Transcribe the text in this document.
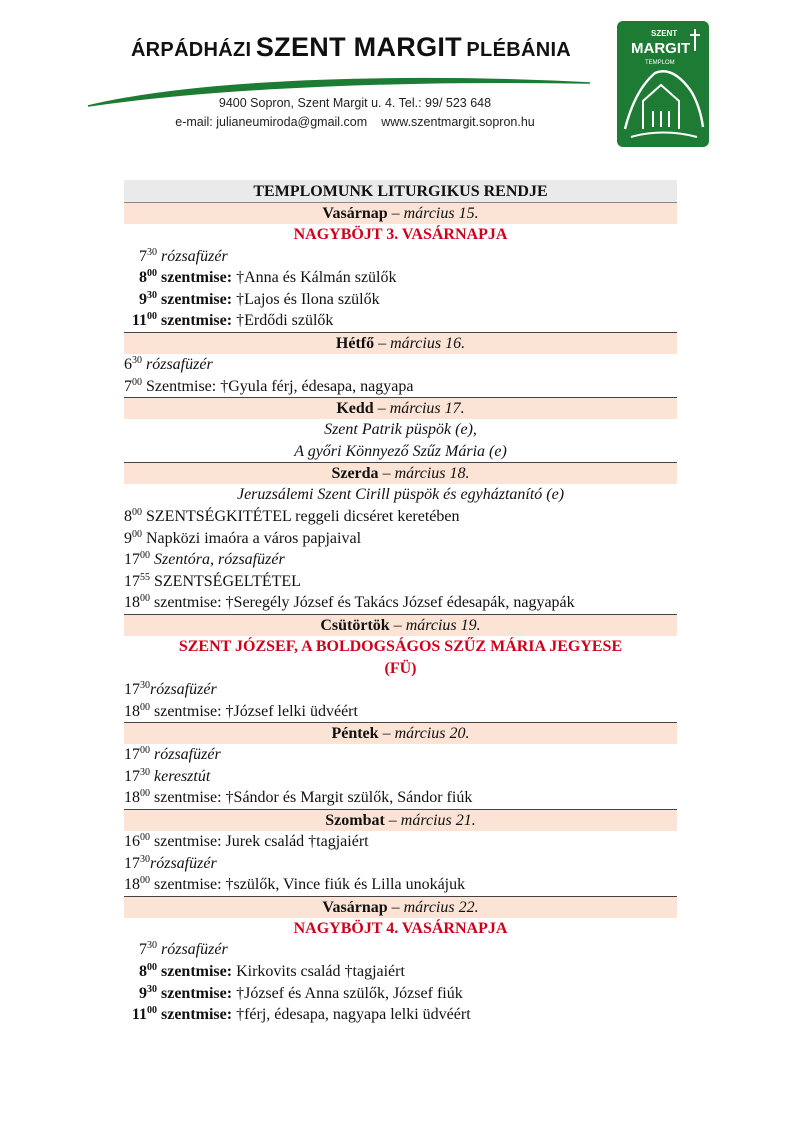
ÁRPÁDHÁZI SZENT MARGIT PLÉBÁNIA
9400 Sopron, Szent Margit u. 4. Tel.: 99/ 523 648
e-mail: julianeumiroda@gmail.com www.szentmargit.sopron.hu
SZENT
MARGIT
TEMPLOM
TEMPLOMUNK LITURGIKUS RENDJE
Vasárnap – március 15.
NAGYBÖJT 3. VASÁRNAPJA
$7^{30}$ rózsafüzér
$8^{00}$ szentmise: †Anna és Kálmán szülők
$9^{30}$ szentmise: †Lajos és Ilona szülők
$11^{00}$ szentmise: †Erdődi szülők
Hétfő – március 16.
$6^{30}$ rózsafüzér
$7^{00}$ Szentmise: †Gyula férj, édesapa, nagyapa
Kedd – március 17.
Szent Patrik püspök (e),
A győri Könnyező Szűz Mária (e)
Szerda – március 18.
Jeruzsálemi Szent Cirill püspök és egyháztanító (e)
$8^{00}$ SZENTSÉGKITÉTEL reggeli dicséret keretében
$9^{00}$ Napközi imaóra a város papjaival
$17^{00}$ Szentóra, rózsafüzér
$17^{55}$ SZENTSÉGELTÉTEL
$18^{00}$ szentmise: †Seregély József és Takács József édesapák, nagyapák
Csütörtök – március 19.
SZENT JÓZSEF, A BOLDOGSÁGOS SZŰZ MÁRIA JEGYESE
(FÜ)
$17^{30}rózsafüzér$
$18^{00}$ szentmise: †József lelki üdvéért
Péntek – március 20.
$17^{00}$ rózsafüzér
$17^{30}$ keresztút
$18^{00}$ szentmise: †Sándor és Margit szülők, Sándor fiúk
Szombat – március 21.
$16^{00}$ szentmise: Jurek család †tagjaiért
$17^{30}rózsafüzér$
$18^{00}$ szentmise: †szülők, Vince fiúk és Lilla unokájuk
Vasárnap – március 22.
NAGYBÖJT 4. VASÁRNAPJA
$7^{30}$ rózsafüzér
$8^{00}$ szentmise: Kirkovits család †tagjaiért
$9^{30}$ szentmise: †József és Anna szülők, József fiúk
$11^{00}$ szentmise: †férj, édesapa, nagyapa lelki üdvéért
